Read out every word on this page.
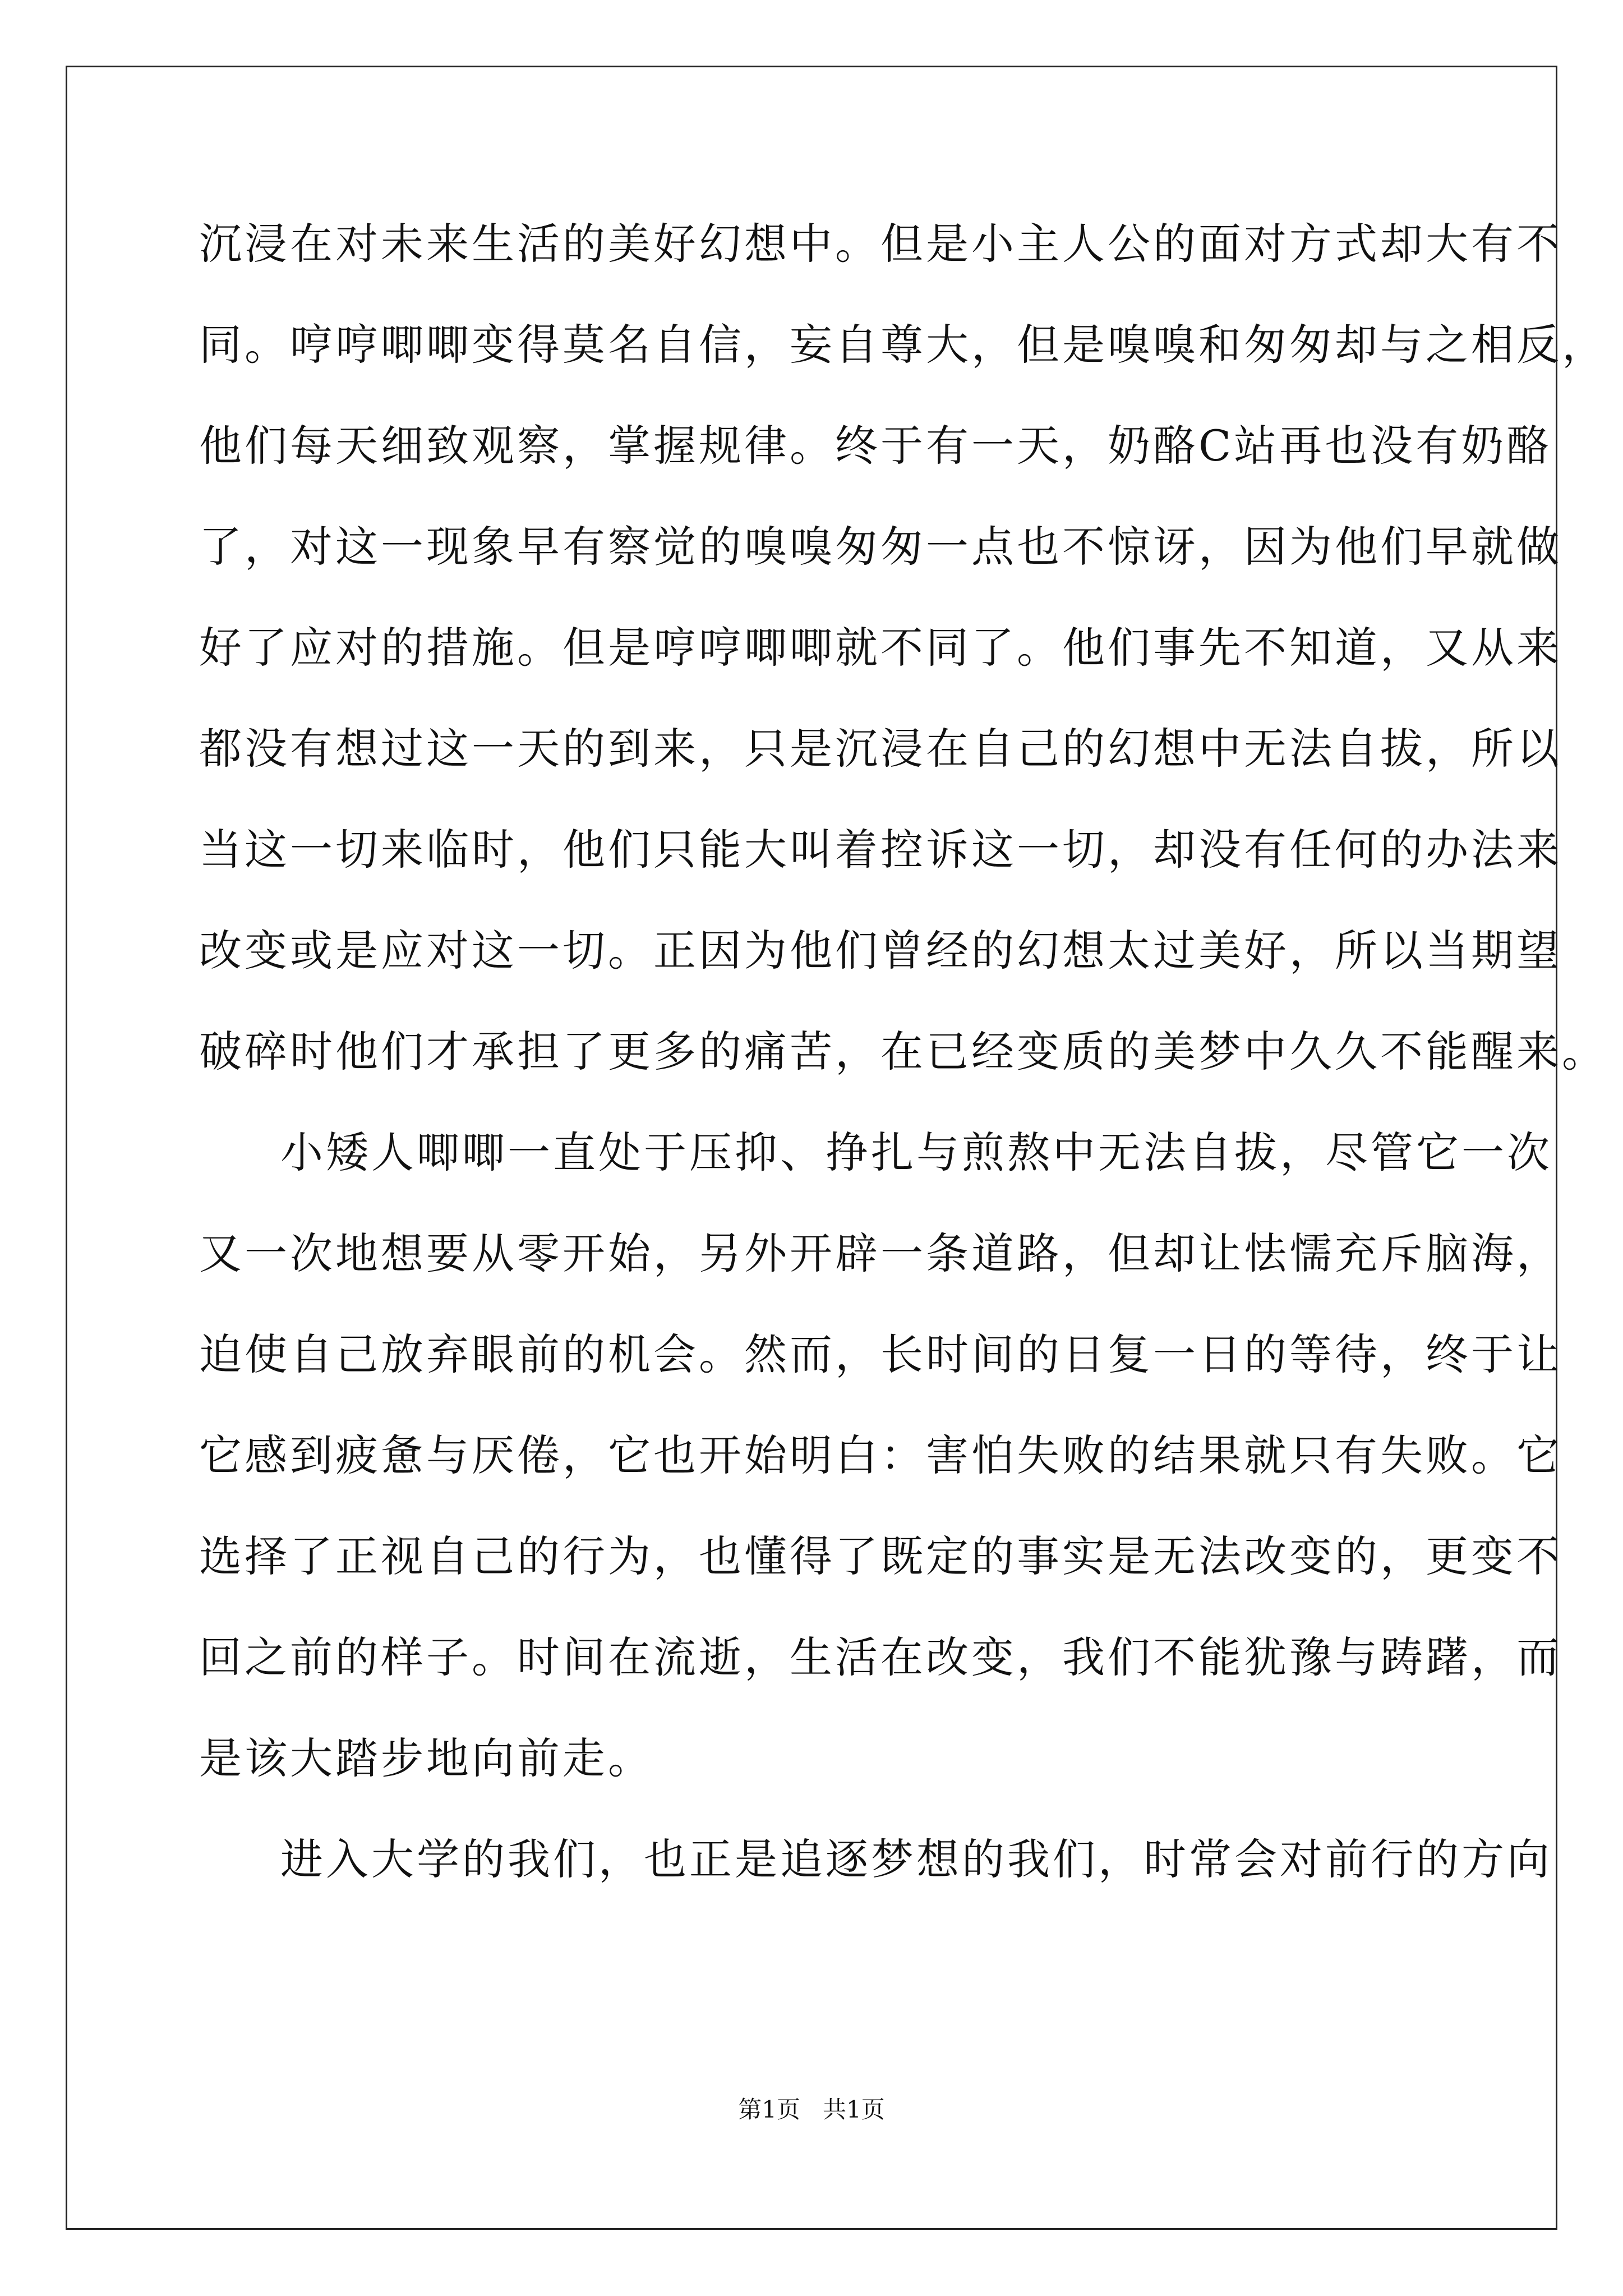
沉浸在对未来生活的美好幻想中。但是小主人公的面对方式却大有不
同。哼哼唧唧变得莫名自信，妄自尊大，但是嗅嗅和匆匆却与之相反，
他们每天细致观察，掌握规律。终于有一天，奶酪C站再也没有奶酪
了，对这一现象早有察觉的嗅嗅匆匆一点也不惊讶，因为他们早就做
好了应对的措施。但是哼哼唧唧就不同了。他们事先不知道，又从来
都没有想过这一天的到来，只是沉浸在自己的幻想中无法自拔，所以
当这一切来临时，他们只能大叫着控诉这一切，却没有任何的办法来
改变或是应对这一切。正因为他们曾经的幻想太过美好，所以当期望
破碎时他们才承担了更多的痛苦，在已经变质的美梦中久久不能醒来。
小矮人唧唧一直处于压抑、挣扎与煎熬中无法自拔，尽管它一次
又一次地想要从零开始，另外开辟一条道路，但却让怯懦充斥脑海，
迫使自己放弃眼前的机会。然而，长时间的日复一日的等待，终于让
它感到疲惫与厌倦，它也开始明白：害怕失败的结果就只有失败。它
选择了正视自己的行为，也懂得了既定的事实是无法改变的，更变不
回之前的样子。时间在流逝，生活在改变，我们不能犹豫与踌躇，而
是该大踏步地向前走。
进入大学的我们，也正是追逐梦想的我们，时常会对前行的方向
第1页   共1页
